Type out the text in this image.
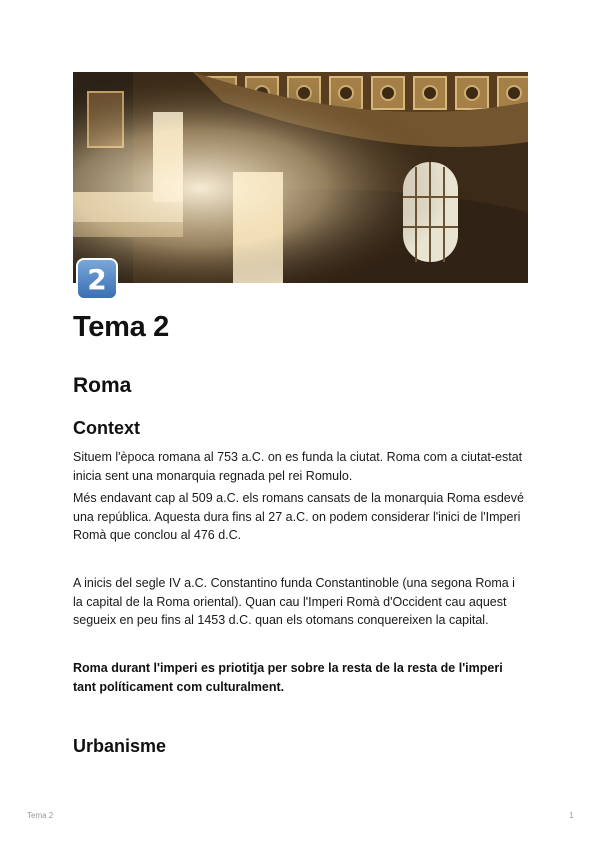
2
Tema 2
Roma
Context

Situem l'època romana al 753 a.C. on es funda la ciutat. Roma com a ciutat-estat inicia sent una monarquia regnada pel rei Romulo.

Més endavant cap al 509 a.C. els romans cansats de la monarquia Roma esdevé una república. Aquesta dura fins al 27 a.C. on podem considerar l'inici de l'Imperi Romà que conclou al 476 d.C.

A inicis del segle IV a.C. Constantino funda Constantinoble (una segona Roma i la capital de la Roma oriental). Quan cau l'Imperi Romà d'Occident cau aquest segueix en peu fins al 1453 d.C. quan els otomans conquereixen la capital.

Roma durant l'imperi es priotitja per sobre la resta de la resta de l'imperi tant políticament com culturalment.

Urbanisme
Tema 2	1
